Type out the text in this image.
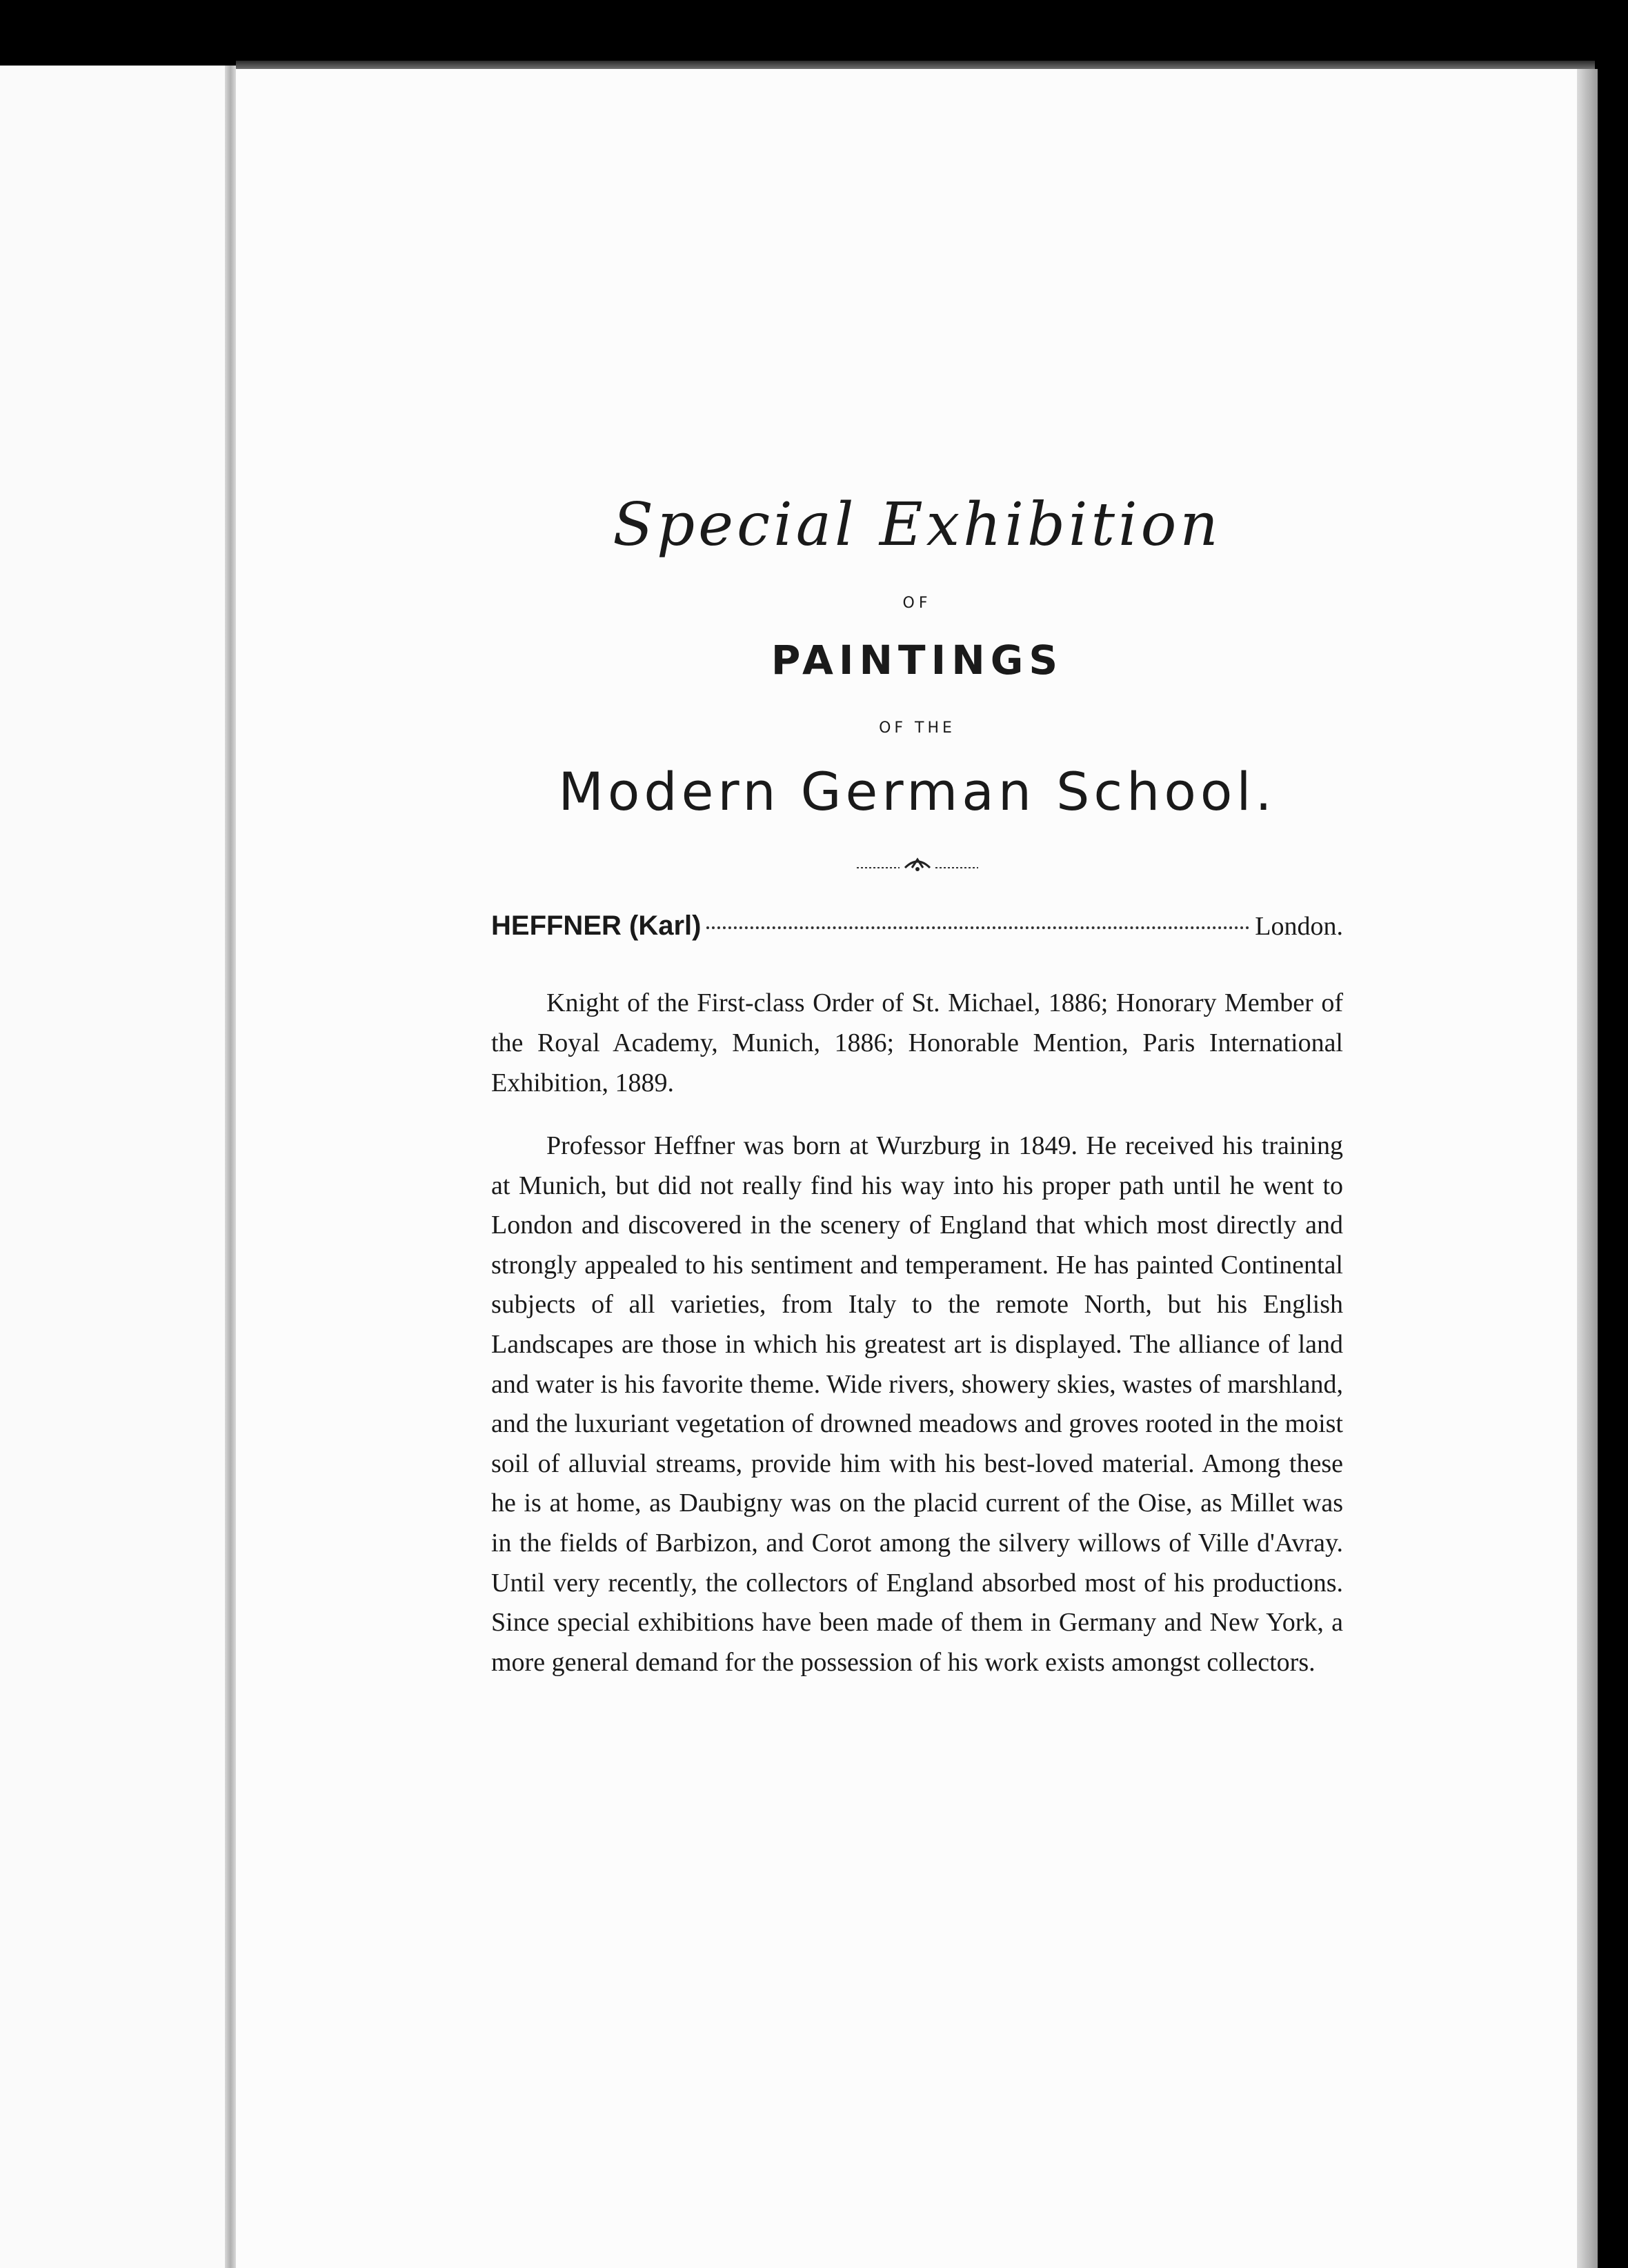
Special Exhibition
OF
PAINTINGS
OF THE
Modern German School.
HEFFNER (Karl)	London.

Knight of the First-class Order of St. Michael, 1886; Honorary Member of the Royal Academy, Munich, 1886; Honorable Mention, Paris International Exhibition, 1889.

Professor Heffner was born at Wurzburg in 1849. He received his training at Munich, but did not really find his way into his proper path until he went to London and discovered in the scenery of England that which most directly and strongly appealed to his sentiment and temperament. He has painted Continental subjects of all varieties, from Italy to the remote North, but his English Landscapes are those in which his greatest art is displayed. The alliance of land and water is his favorite theme. Wide rivers, showery skies, wastes of marshland, and the luxuriant vegetation of drowned meadows and groves rooted in the moist soil of alluvial streams, provide him with his best-loved material. Among these he is at home, as Daubigny was on the placid current of the Oise, as Millet was in the fields of Barbizon, and Corot among the silvery willows of Ville d'Avray. Until very recently, the collectors of England absorbed most of his productions. Since special exhibitions have been made of them in Germany and New York, a more general demand for the possession of his work exists amongst collectors.
